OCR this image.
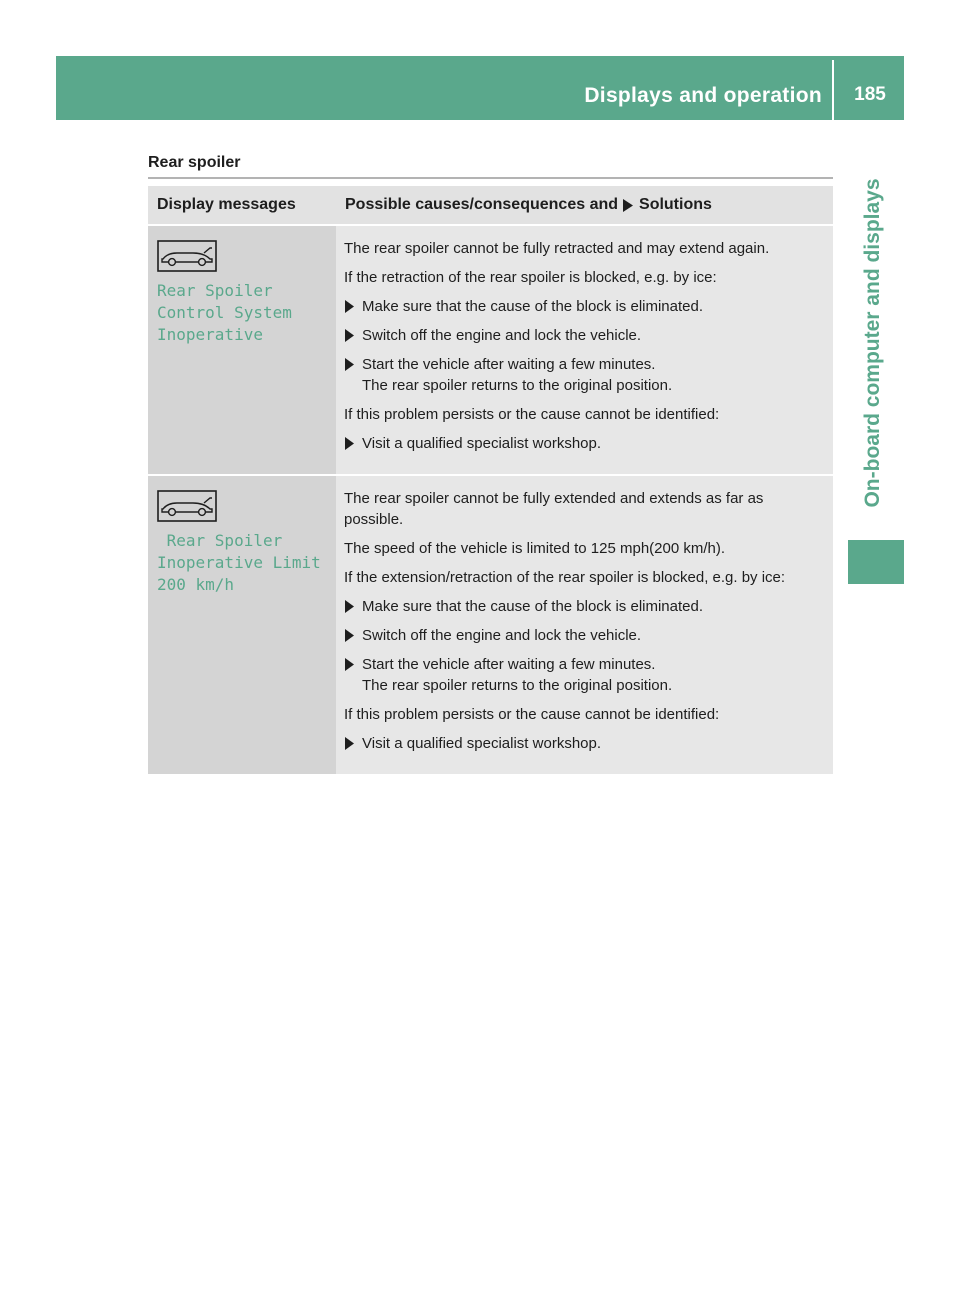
Displays and operation	185
On-board computer and displays
Rear spoiler
Display messages	Possible causes/consequences and Solutions
Rear Spoiler
Control System
Inoperative

The rear spoiler cannot be fully retracted and may extend again.

If the retraction of the rear spoiler is blocked, e.g. by ice:

Make sure that the cause of the block is eliminated.
Switch off the engine and lock the vehicle.
Start the vehicle after waiting a few minutes.
The rear spoiler returns to the original position.

If this problem persists or the cause cannot be identified:

Visit a qualified specialist workshop.
Rear Spoiler
Inoperative Limit
200 km/h

The rear spoiler cannot be fully extended and extends as far as possible.

The speed of the vehicle is limited to 125 mph(200 km/h).

If the extension/retraction of the rear spoiler is blocked, e.g. by ice:

Make sure that the cause of the block is eliminated.
Switch off the engine and lock the vehicle.
Start the vehicle after waiting a few minutes.
The rear spoiler returns to the original position.

If this problem persists or the cause cannot be identified:

Visit a qualified specialist workshop.
